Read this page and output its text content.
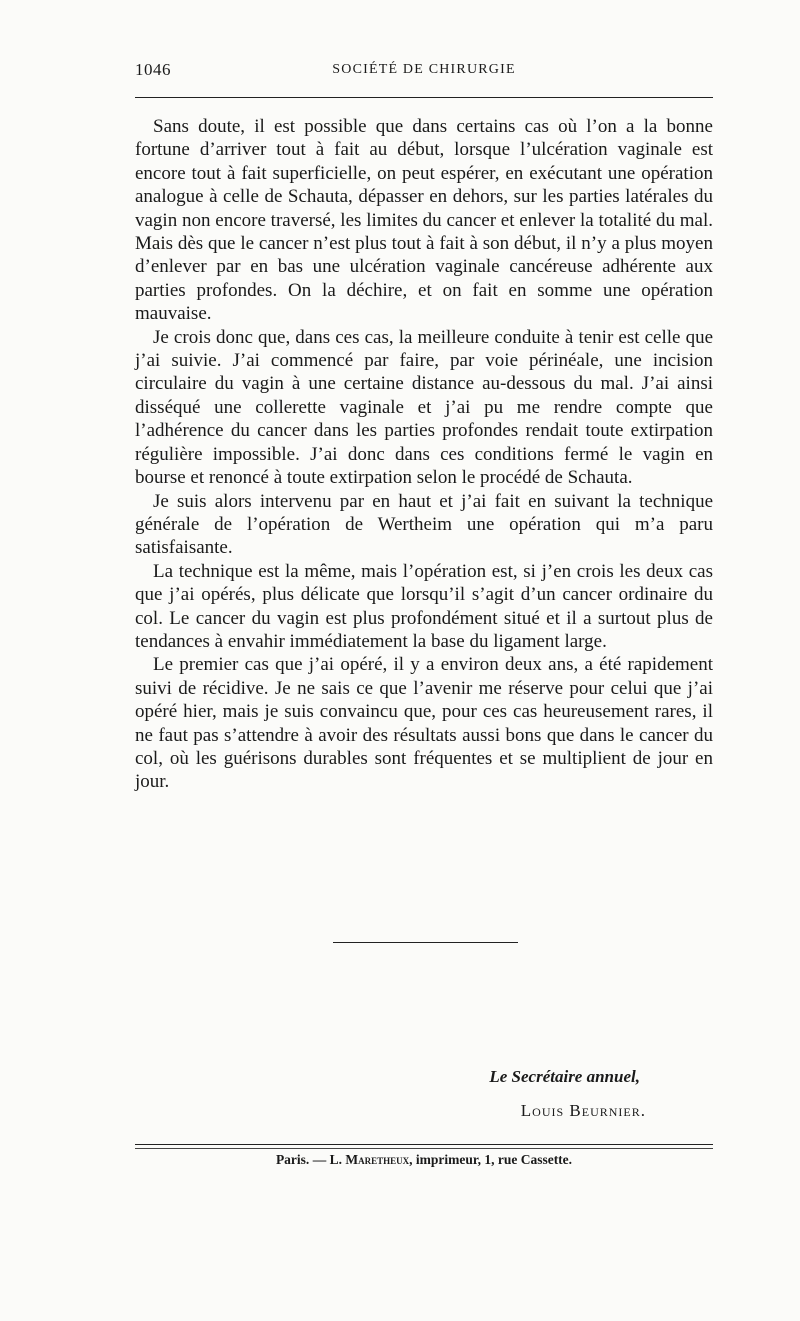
1046	SOCIÉTÉ DE CHIRURGIE

Sans doute, il est possible que dans certains cas où l’on a la bonne fortune d’arriver tout à fait au début, lorsque l’ulcération vaginale est encore tout à fait superficielle, on peut espérer, en exécutant une opération analogue à celle de Schauta, dépasser en dehors, sur les parties latérales du vagin non encore traversé, les limites du cancer et enlever la totalité du mal. Mais dès que le cancer n’est plus tout à fait à son début, il n’y a plus moyen d’enlever par en bas une ulcération vaginale cancéreuse adhérente aux parties profondes. On la déchire, et on fait en somme une opération mauvaise.

Je crois donc que, dans ces cas, la meilleure conduite à tenir est celle que j’ai suivie. J’ai commencé par faire, par voie périnéale, une incision circulaire du vagin à une certaine distance au-dessous du mal. J’ai ainsi disséqué une collerette vaginale et j’ai pu me rendre compte que l’adhérence du cancer dans les parties profondes rendait toute extirpation régulière impossible. J’ai donc dans ces conditions fermé le vagin en bourse et renoncé à toute extirpation selon le procédé de Schauta.

Je suis alors intervenu par en haut et j’ai fait en suivant la technique générale de l’opération de Wertheim une opération qui m’a paru satisfaisante.

La technique est la même, mais l’opération est, si j’en crois les deux cas que j’ai opérés, plus délicate que lorsqu’il s’agit d’un cancer ordinaire du col. Le cancer du vagin est plus profondément situé et il a surtout plus de tendances à envahir immédiatement la base du ligament large.

Le premier cas que j’ai opéré, il y a environ deux ans, a été rapidement suivi de récidive. Je ne sais ce que l’avenir me réserve pour celui que j’ai opéré hier, mais je suis convaincu que, pour ces cas heureusement rares, il ne faut pas s’attendre à avoir des résultats aussi bons que dans le cancer du col, où les guérisons durables sont fréquentes et se multiplient de jour en jour.

Le Secrétaire annuel,
Louis Beurnier.
Paris. — L. Maretheux, imprimeur, 1, rue Cassette.
